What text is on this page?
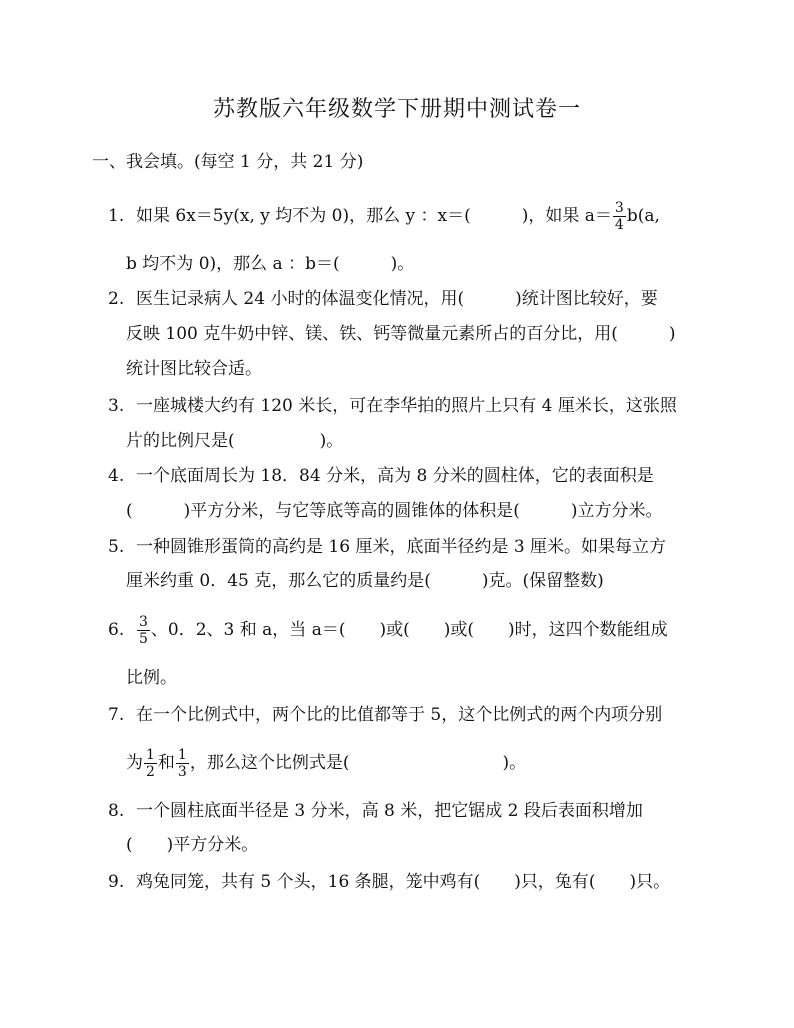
苏教版六年级数学下册期中测试卷一
一、我会填。(每空 1 分，共 21 分)
1. 如果 6x＝5y(x, y 均不为 0)，那么 y ：x＝(　　　)，如果 $a= \frac{3}{4} b(a$,
b 均不为 0)，那么 a ：b＝(　　　)。
2. 医生记录病人 24 小时的体温变化情况，用(　　　)统计图比较好，要
反映 100 克牛奶中锌、镁、铁、钙等微量元素所占的百分比，用(　　　)
统计图比较合适。
3. 一座城楼大约有 120 米长，可在李华拍的照片上只有 4 厘米长，这张照
片的比例尺是(　　　　　)。
4. 一个底面周长为 18．84 分米，高为 8 分米的圆柱体，它的表面积是
(　　　)平方分米，与它等底等高的圆锥体的体积是(　　　)立方分米。
5. 一种圆锥形蛋筒的高约是 16 厘米，底面半径约是 3 厘米。如果每立方
厘米约重 0．45 克，那么它的质量约是(　　　)克。(保留整数)
6. $\frac{3}{5}$ 、0．2、3 和 a，当 a＝(　　)或(　　)或(　　)时，这四个数能组成
比例。
7. 在一个比例式中，两个比的比值都等于 5，这个比例式的两个内项分别
为 $\frac{1}{2}$ 和 $\frac{1}{3}$ ，那么这个比例式是(　　　　　　　　　)。
8. 一个圆柱底面半径是 3 分米，高 8 米，把它锯成 2 段后表面积增加
(　　)平方分米。
9. 鸡兔同笼，共有 5 个头，16 条腿，笼中鸡有(　　)只，兔有(　　)只。
